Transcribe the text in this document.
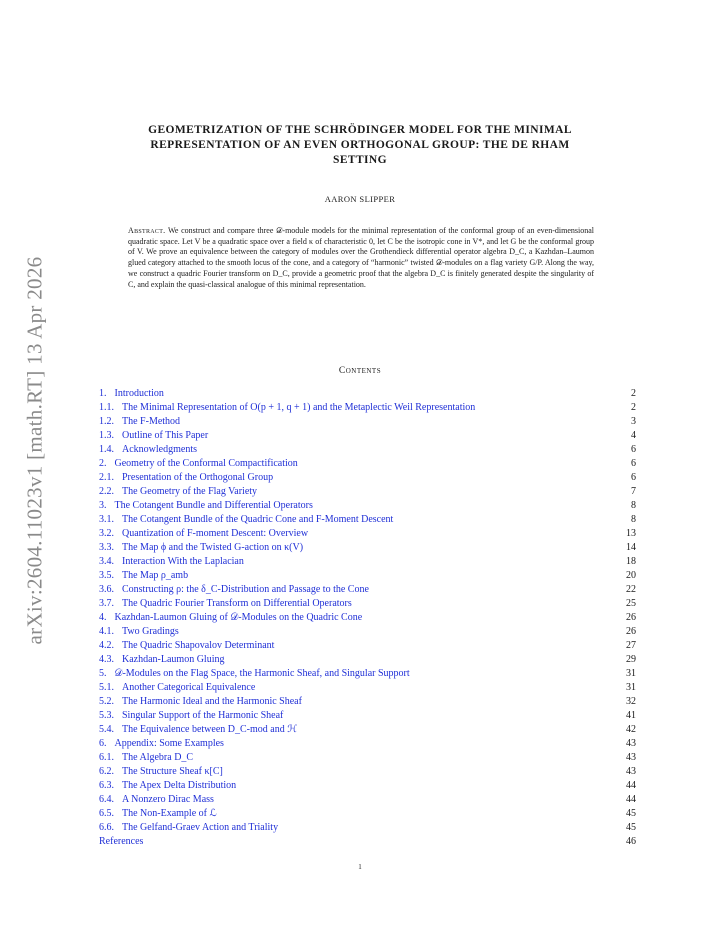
arXiv:2604.11023v1 [math.RT] 13 Apr 2026
GEOMETRIZATION OF THE SCHRÖDINGER MODEL FOR THE MINIMAL
REPRESENTATION OF AN EVEN ORTHOGONAL GROUP: THE DE RHAM
SETTING
AARON SLIPPER
Abstract. We construct and compare three 𝒟-module models for the minimal representation of the conformal group of an even-dimensional quadratic space. Let V be a quadratic space over a field κ of characteristic 0, let C be the isotropic cone in V*, and let G be the conformal group of V. We prove an equivalence between the category of modules over the Grothendieck differential operator algebra D_C, a Kazhdan–Laumon glued category attached to the smooth locus of the cone, and a category of “harmonic” twisted 𝒟-modules on a flag variety G/P. Along the way, we construct a quadric Fourier transform on D_C, provide a geometric proof that the algebra D_C is finitely generated despite the singularity of C, and explain the quasi-classical analogue of this minimal representation.
Contents
1. Introduction	2
1.1. The Minimal Representation of O(p + 1, q + 1) and the Metaplectic Weil Representation	2
1.2. The F-Method	3
1.3. Outline of This Paper	4
1.4. Acknowledgments	6
2. Geometry of the Conformal Compactification	6
2.1. Presentation of the Orthogonal Group	6
2.2. The Geometry of the Flag Variety	7
3. The Cotangent Bundle and Differential Operators	8
3.1. The Cotangent Bundle of the Quadric Cone and F-Moment Descent	8
3.2. Quantization of F-moment Descent: Overview	13
3.3. The Map ϕ and the Twisted G-action on κ(V)	14
3.4. Interaction With the Laplacian	18
3.5. The Map ρ_amb	20
3.6. Constructing ρ: the δ_C-Distribution and Passage to the Cone	22
3.7. The Quadric Fourier Transform on Differential Operators	25
4. Kazhdan-Laumon Gluing of 𝒟-Modules on the Quadric Cone	26
4.1. Two Gradings	26
4.2. The Quadric Shapovalov Determinant	27
4.3. Kazhdan-Laumon Gluing	29
5. 𝒟-Modules on the Flag Space, the Harmonic Sheaf, and Singular Support	31
5.1. Another Categorical Equivalence	31
5.2. The Harmonic Ideal and the Harmonic Sheaf	32
5.3. Singular Support of the Harmonic Sheaf	41
5.4. The Equivalence between D_C-mod and ℋ	42
6. Appendix: Some Examples	43
6.1. The Algebra D_C	43
6.2. The Structure Sheaf κ[C]	43
6.3. The Apex Delta Distribution	44
6.4. A Nonzero Dirac Mass	44
6.5. The Non-Example of ℒ	45
6.6. The Gelfand-Graev Action and Triality	45
References	46
1
